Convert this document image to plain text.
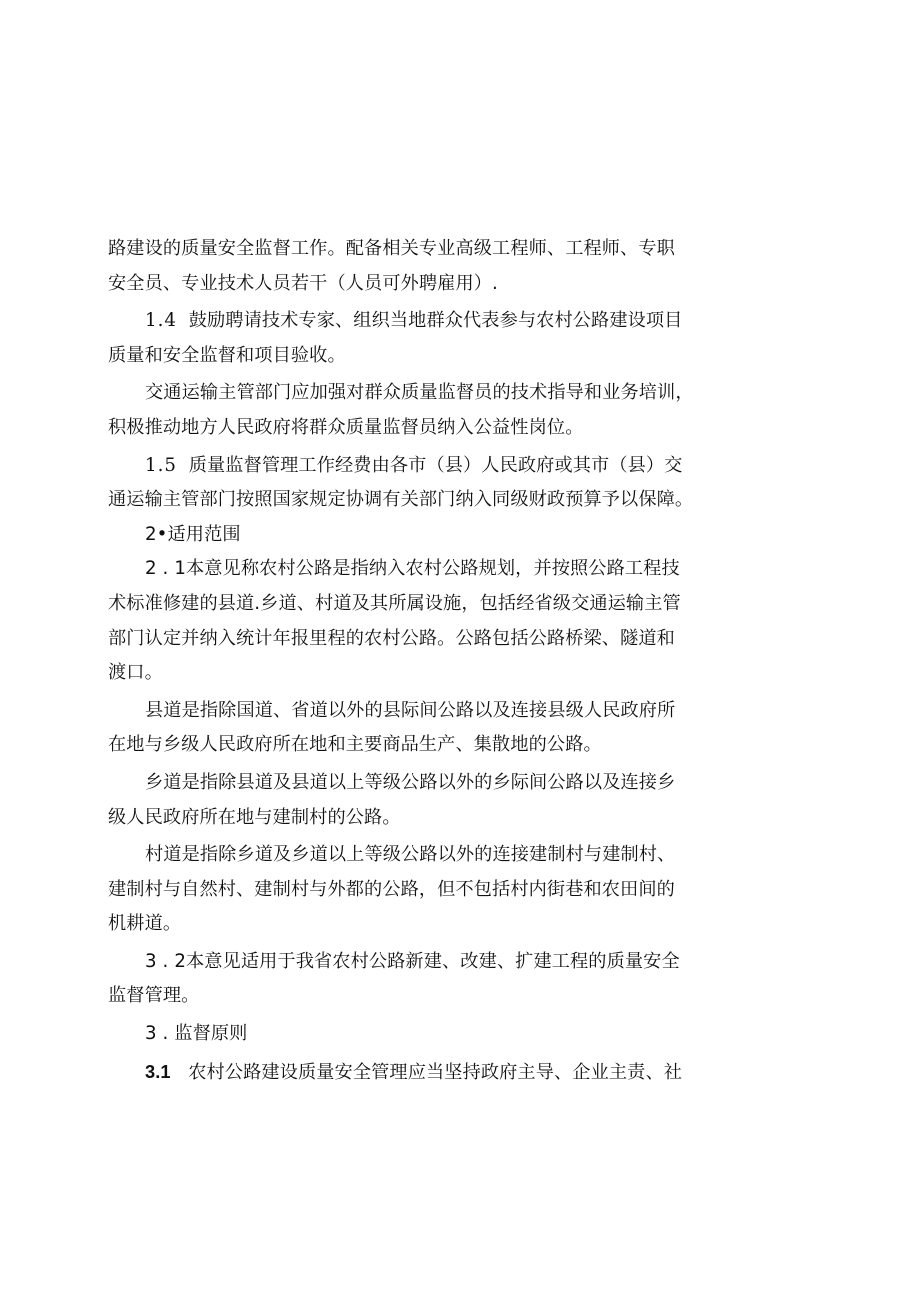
路建设的质量安全监督工作。配备相关专业高级工程师、工程师、专职
安全员、专业技术人员若干（人员可外聘雇用）.
1.4 鼓励聘请技术专家、组织当地群众代表参与农村公路建设项目
质量和安全监督和项目验收。
交通运输主管部门应加强对群众质量监督员的技术指导和业务培训，
积极推动地方人民政府将群众质量监督员纳入公益性岗位。
1.5 质量监督管理工作经费由各市（县）人民政府或其市（县）交
通运输主管部门按照国家规定协调有关部门纳入同级财政预算予以保障。
2•适用范围
2 . 1本意见称农村公路是指纳入农村公路规划，并按照公路工程技
术标准修建的县道.乡道、村道及其所属设施，包括经省级交通运输主管
部门认定并纳入统计年报里程的农村公路。公路包括公路桥梁、隧道和
渡口。
县道是指除国道、省道以外的县际间公路以及连接县级人民政府所
在地与乡级人民政府所在地和主要商品生产、集散地的公路。
乡道是指除县道及县道以上等级公路以外的乡际间公路以及连接乡
级人民政府所在地与建制村的公路。
村道是指除乡道及乡道以上等级公路以外的连接建制村与建制村、
建制村与自然村、建制村与外都的公路，但不包括村内街巷和农田间的
机耕道。
3 . 2本意见适用于我省农村公路新建、改建、扩建工程的质量安全
监督管理。
3 . 监督原则
3.1 农村公路建设质量安全管理应当坚持政府主导、企业主责、社
